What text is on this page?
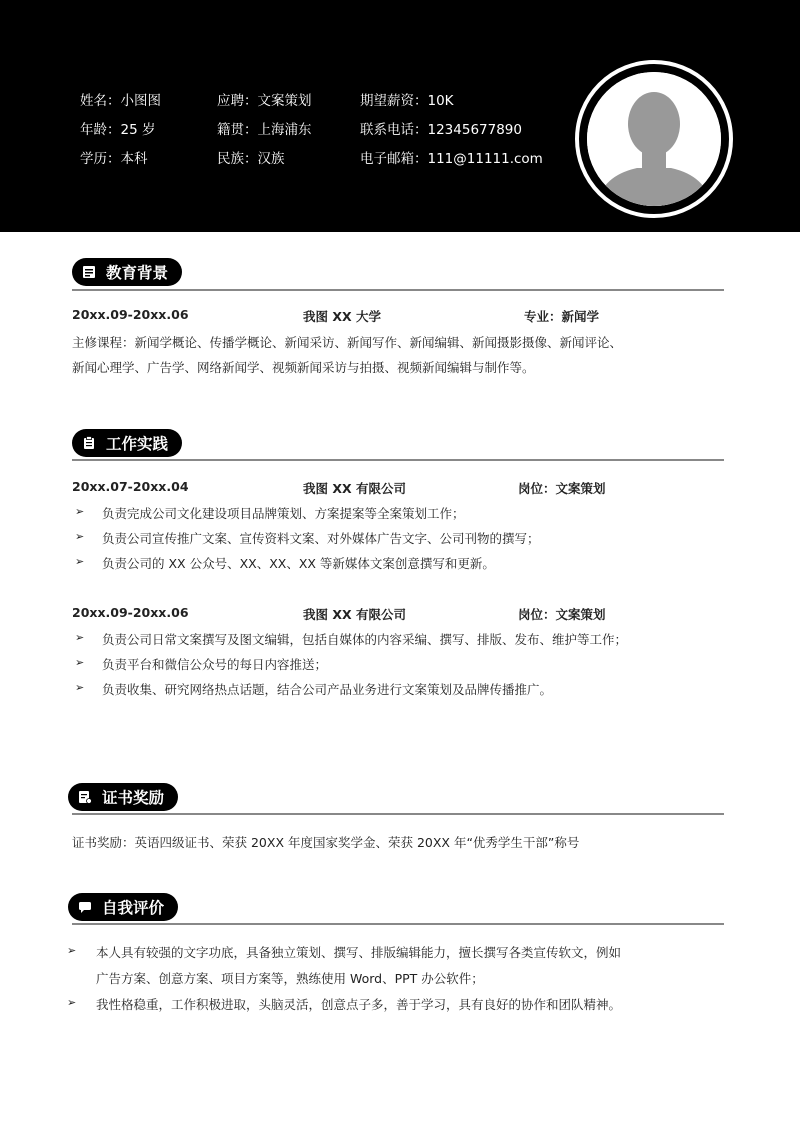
姓名：小图图	应聘：文案策划	期望薪资：10K
年龄：25 岁	籍贯：上海浦东	联系电话：12345677890
学历：本科	民族：汉族	电子邮箱：111@11111.com
教育背景
20xx.09-20xx.06	我图 XX 大学	专业：新闻学
主修课程：新闻学概论、传播学概论、新闻采访、新闻写作、新闻编辑、新闻摄影摄像、新闻评论、
新闻心理学、广告学、网络新闻学、视频新闻采访与拍摄、视频新闻编辑与制作等。
工作实践
20xx.07-20xx.04	我图 XX 有限公司	岗位：文案策划
➢ 负责完成公司文化建设项目品牌策划、方案提案等全案策划工作；
➢ 负责公司宣传推广文案、宣传资料文案、对外媒体广告文字、公司刊物的撰写；
➢ 负责公司的 XX 公众号、XX、XX、XX 等新媒体文案创意撰写和更新。
20xx.09-20xx.06	我图 XX 有限公司	岗位：文案策划
➢ 负责公司日常文案撰写及图文编辑，包括自媒体的内容采编、撰写、排版、发布、维护等工作；
➢ 负责平台和微信公众号的每日内容推送；
➢ 负责收集、研究网络热点话题，结合公司产品业务进行文案策划及品牌传播推广。
证书奖励
证书奖励：英语四级证书、荣获 20XX 年度国家奖学金、荣获 20XX 年“优秀学生干部”称号
自我评价
➢ 本人具有较强的文字功底，具备独立策划、撰写、排版编辑能力，擅长撰写各类宣传软文，例如
广告方案、创意方案、项目方案等，熟练使用 Word、PPT 办公软件；
➢ 我性格稳重，工作积极进取，头脑灵活，创意点子多，善于学习，具有良好的协作和团队精神。
